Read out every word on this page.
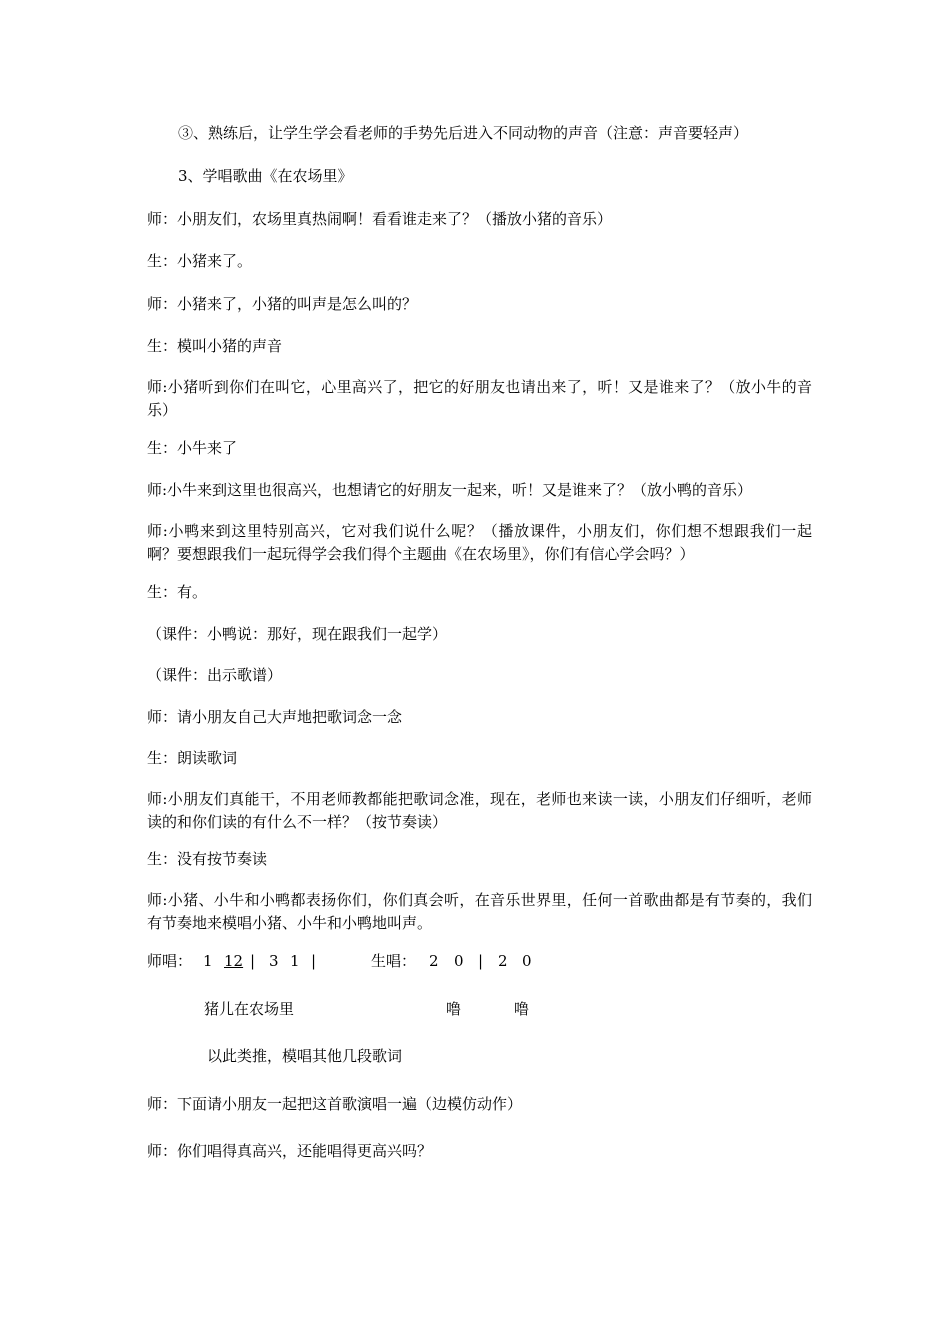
③、熟练后，让学生学会看老师的手势先后进入不同动物的声音（注意：声音要轻声）
3、学唱歌曲《在农场里》
师：小朋友们，农场里真热闹啊！看看谁走来了？（播放小猪的音乐）
生：小猪来了。
师：小猪来了，小猪的叫声是怎么叫的？
生：模叫小猪的声音
师:小猪听到你们在叫它，心里高兴了，把它的好朋友也请出来了，听！又是谁来了？（放小牛的音乐）
生：小牛来了
师:小牛来到这里也很高兴，也想请它的好朋友一起来，听！又是谁来了？（放小鸭的音乐）
师:小鸭来到这里特别高兴，它对我们说什么呢？（播放课件，小朋友们，你们想不想跟我们一起啊？要想跟我们一起玩得学会我们得个主题曲《在农场里》，你们有信心学会吗？）
生：有。
（课件：小鸭说：那好，现在跟我们一起学）
（课件：出示歌谱）
师：请小朋友自己大声地把歌词念一念
生：朗读歌词
师:小朋友们真能干，不用老师教都能把歌词念准，现在，老师也来读一读，小朋友们仔细听，老师读的和你们读的有什么不一样？（按节奏读）
生：没有按节奏读
师:小猪、小牛和小鸭都表扬你们，你们真会听，在音乐世界里，任何一首歌曲都是有节奏的，我们有节奏地来模唱小猪、小牛和小鸭地叫声。
师唱： 1 12 | 3 1 |	生唱： 2 0 | 2 0
猪儿在农场里	噜	噜
以此类推，模唱其他几段歌词
师：下面请小朋友一起把这首歌演唱一遍（边模仿动作）
师：你们唱得真高兴，还能唱得更高兴吗？
